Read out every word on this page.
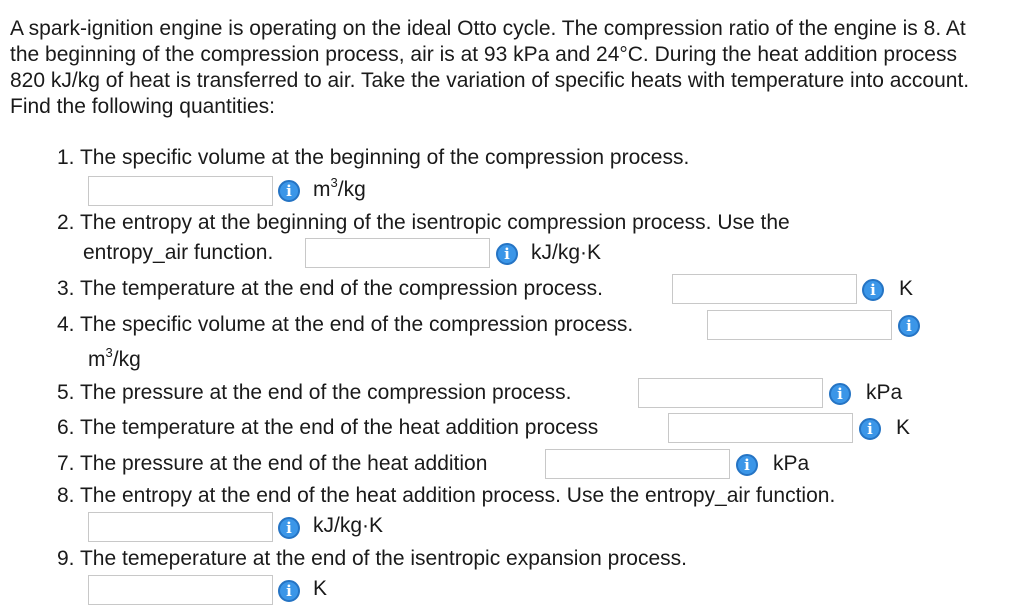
A spark-ignition engine is operating on the ideal Otto cycle. The compression ratio of the engine is 8. At the beginning of the compression process, air is at 93 kPa and 24°C. During the heat addition process 820 kJ/kg of heat is transferred to air. Take the variation of specific heats with temperature into account. Find the following quantities:

1. The specific volume at the beginning of the compression process.
i	$m^3/kg$
2. The entropy at the beginning of the isentropic compression process. Use the
entropy_air function.	i	kJ/kg·K
3. The temperature at the end of the compression process.	i	K
4. The specific volume at the end of the compression process.	i
$m^3/kg$
5. The pressure at the end of the compression process.	i	kPa
6. The temperature at the end of the heat addition process	i	K
7. The pressure at the end of the heat addition	i	kPa
8. The entropy at the end of the heat addition process. Use the entropy_air function.
i	kJ/kg·K
9. The temeperature at the end of the isentropic expansion process.
i	K
